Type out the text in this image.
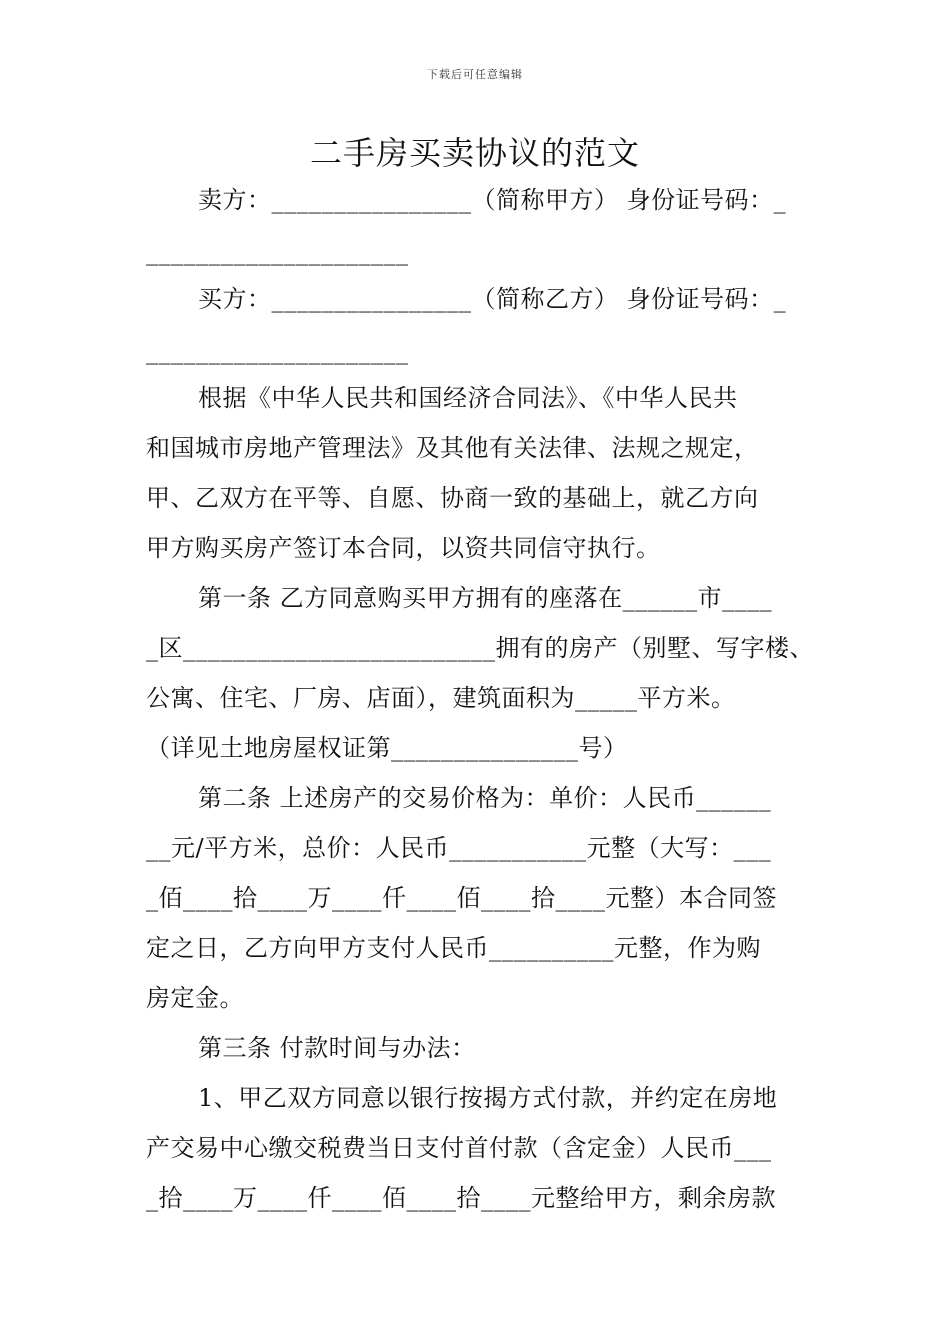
下载后可任意编辑
二手房买卖协议的范文
卖方：________________（简称甲方） 身份证号码：_
_____________________
买方：________________（简称乙方） 身份证号码：_
_____________________
根据《中华人民共和国经济合同法》、《中华人民共
和国城市房地产管理法》及其他有关法律、法规之规定，
甲、乙双方在平等、自愿、协商一致的基础上，就乙方向
甲方购买房产签订本合同，以资共同信守执行。
第一条 乙方同意购买甲方拥有的座落在______市____
_区_________________________拥有的房产（别墅、写字楼、
公寓、住宅、厂房、店面），建筑面积为_____平方米。
（详见土地房屋权证第_______________号）
第二条 上述房产的交易价格为：单价：人民币______
__元/平方米，总价：人民币___________元整（大写：___
_佰____拾____万____仟____佰____拾____元整）本合同签
定之日，乙方向甲方支付人民币__________元整，作为购
房定金。
第三条 付款时间与办法：
1、甲乙双方同意以银行按揭方式付款，并约定在房地
产交易中心缴交税费当日支付首付款（含定金）人民币___
_拾____万____仟____佰____拾____元整给甲方，剩余房款
